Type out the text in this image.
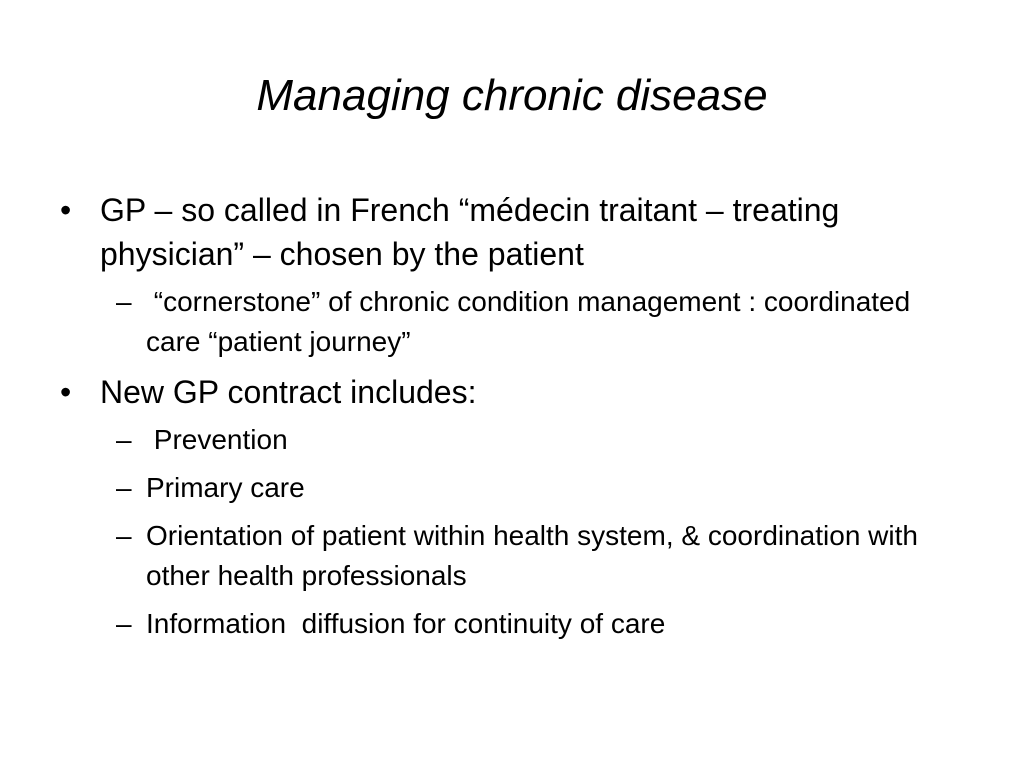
Managing chronic disease
• GP – so called in French “médecin traitant – treating physician” – chosen by the patient
– “cornerstone” of chronic condition management : coordinated care “patient journey”
• New GP contract includes:
– Prevention
– Primary care
– Orientation of patient within health system, & coordination with other health professionals
– Information  diffusion for continuity of care
